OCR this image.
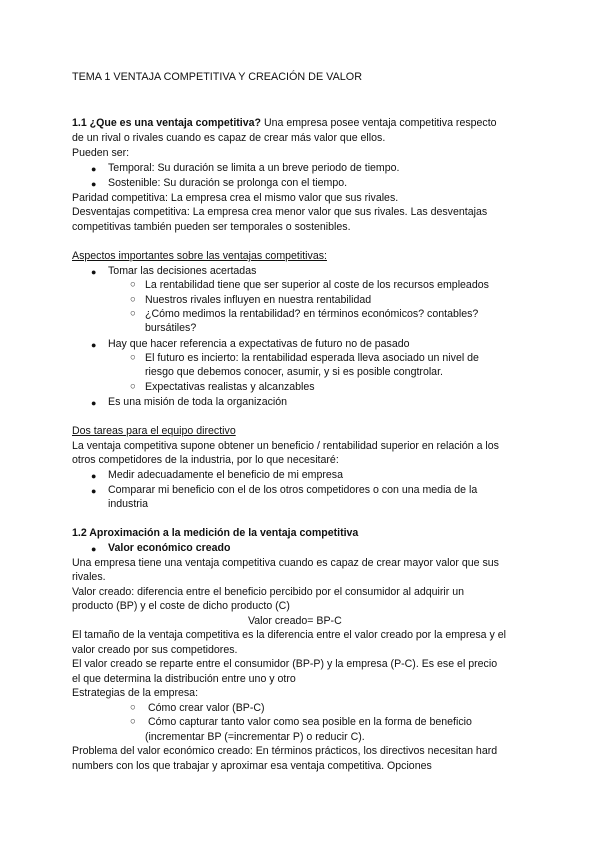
TEMA 1 VENTAJA COMPETITIVA Y CREACIÓN DE VALOR
1.1 ¿Que es una ventaja competitiva? Una empresa posee ventaja competitiva respecto
de un rival o rivales cuando es capaz de crear más valor que ellos.
Pueden ser:
● Temporal: Su duración se limita a un breve periodo de tiempo.
● Sostenible: Su duración se prolonga con el tiempo.
Paridad competitiva: La empresa crea el mismo valor que sus rivales.
Desventajas competitiva: La empresa crea menor valor que sus rivales. Las desventajas
competitivas también pueden ser temporales o sostenibles.
Aspectos importantes sobre las ventajas competitivas:
● Tomar las decisiones acertadas
○ La rentabilidad tiene que ser superior al coste de los recursos empleados
○ Nuestros rivales influyen en nuestra rentabilidad
○ ¿Cómo medimos la rentabilidad? en términos económicos? contables?
bursátiles?
● Hay que hacer referencia a expectativas de futuro no de pasado
○ El futuro es incierto: la rentabilidad esperada lleva asociado un nivel de
riesgo que debemos conocer, asumir, y si es posible congtrolar.
○ Expectativas realistas y alcanzables
● Es una misión de toda la organización
Dos tareas para el equipo directivo
La ventaja competitiva supone obtener un beneficio / rentabilidad superior en relación a los
otros competidores de la industria, por lo que necesitaré:
● Medir adecuadamente el beneficio de mi empresa
● Comparar mi beneficio con el de los otros competidores o con una media de la
industria
1.2 Aproximación a la medición de la ventaja competitiva
● Valor económico creado
Una empresa tiene una ventaja competitiva cuando es capaz de crear mayor valor que sus
rivales.
Valor creado: diferencia entre el beneficio percibido por el consumidor al adquirir un
producto (BP) y el coste de dicho producto (C)
Valor creado= BP-C
El tamaño de la ventaja competitiva es la diferencia entre el valor creado por la empresa y el
valor creado por sus competidores.
El valor creado se reparte entre el consumidor (BP-P) y la empresa (P-C). Es ese el precio
el que determina la distribución entre uno y otro
Estrategias de la empresa:
○ Cómo crear valor (BP-C)
○ Cómo capturar tanto valor como sea posible en la forma de beneficio
(incrementar BP (=incrementar P) o reducir C).
Problema del valor económico creado: En términos prácticos, los directivos necesitan hard
numbers con los que trabajar y aproximar esa ventaja competitiva. Opciones
